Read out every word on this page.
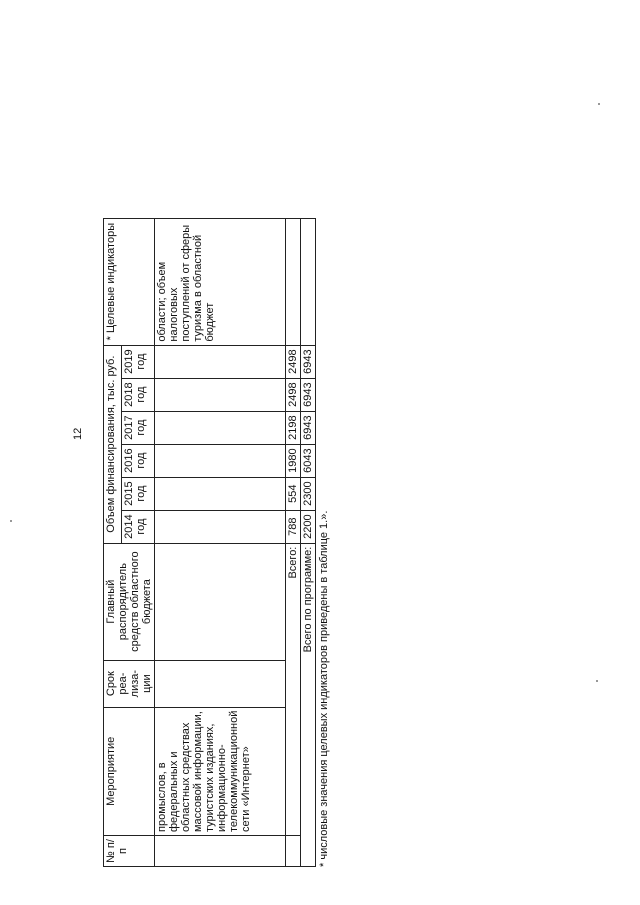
12
№ п/п	Мероприятие	Срок реа-лиза-ции	Главный распорядитель средств областного бюджета	Объем финансирования, тыс. руб.						* Целевые индикаторы
				2014 год	2015 год	2016 год	2017 год	2018 год	2019 год	
	промыслов, в федеральных и областных средствах массовой информации, туристских изданиях, информационно-телекоммуникационной сети «Интернет»									области; объем налоговых поступлений от сферы туризма в областной бюджет
	Всего:			788	554	1980	2198	2498	2498	
Всего по программе:				2200	2300	6043	6943	6943	6943	
* числовые значения целевых индикаторов приведены в таблице 1.».
